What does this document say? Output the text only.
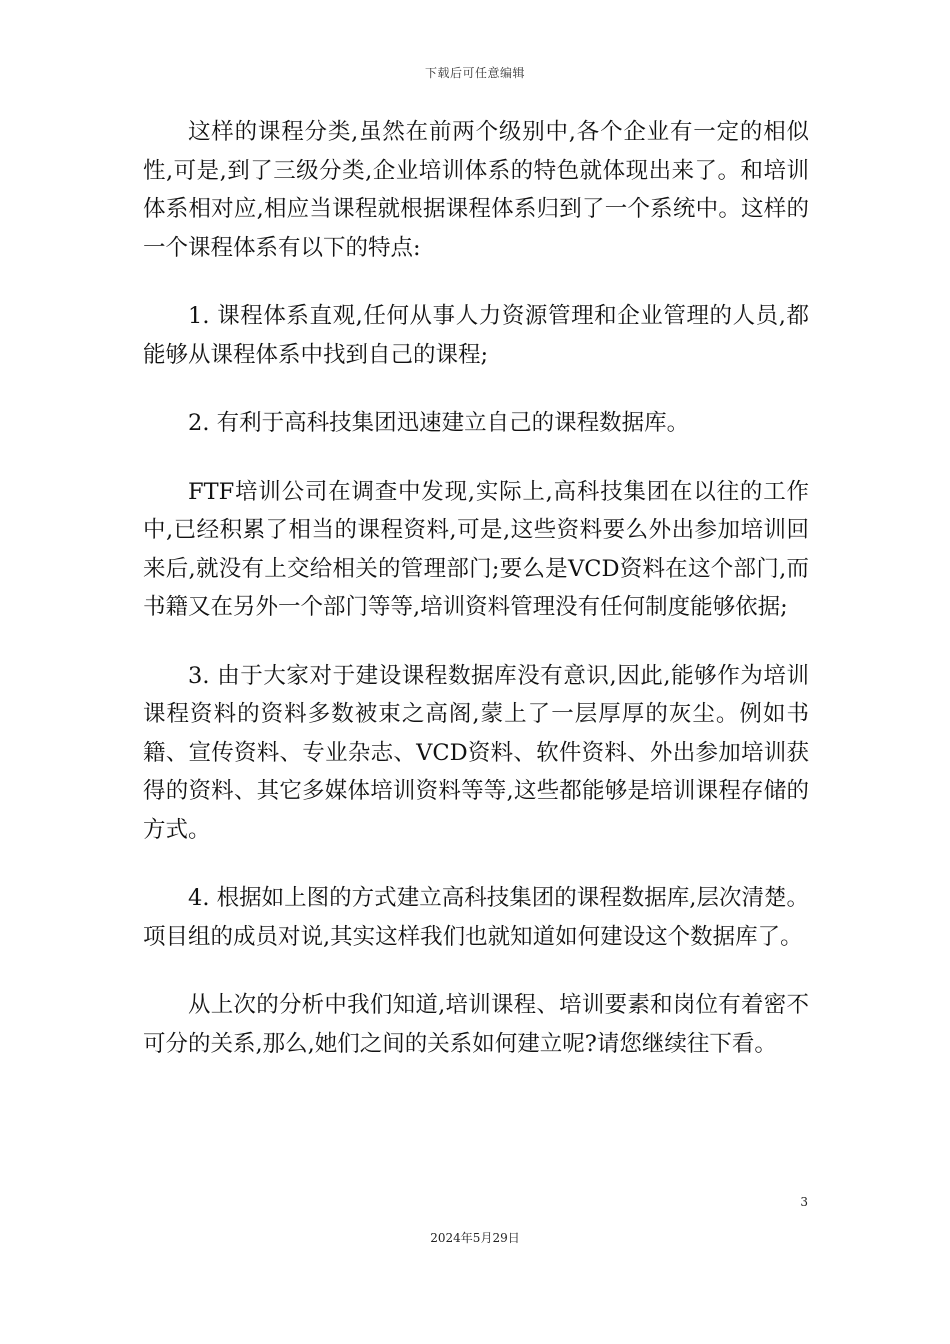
下载后可任意编辑

这样的课程分类,虽然在前两个级别中,各个企业有一定的相似性,可是,到了三级分类,企业培训体系的特色就体现出来了。和培训体系相对应,相应当课程就根据课程体系归到了一个系统中。这样的一个课程体系有以下的特点:

1. 课程体系直观,任何从事人力资源管理和企业管理的人员,都能够从课程体系中找到自己的课程;

2. 有利于高科技集团迅速建立自己的课程数据库。

FTF培训公司在调查中发现,实际上,高科技集团在以往的工作中,已经积累了相当的课程资料,可是,这些资料要么外出参加培训回来后,就没有上交给相关的管理部门;要么是VCD资料在这个部门,而书籍又在另外一个部门等等,培训资料管理没有任何制度能够依据;

3. 由于大家对于建设课程数据库没有意识,因此,能够作为培训课程资料的资料多数被束之高阁,蒙上了一层厚厚的灰尘。例如书籍、宣传资料、专业杂志、VCD资料、软件资料、外出参加培训获得的资料、其它多媒体培训资料等等,这些都能够是培训课程存储的方式。

4. 根据如上图的方式建立高科技集团的课程数据库,层次清楚。项目组的成员对说,其实这样我们也就知道如何建设这个数据库了。

从上次的分析中我们知道,培训课程、培训要素和岗位有着密不可分的关系,那么,她们之间的关系如何建立呢?请您继续往下看。

3
2024年5月29日
